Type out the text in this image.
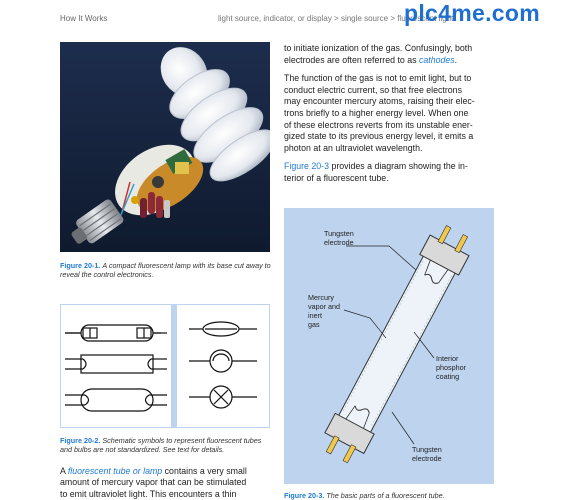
How It Works	light source, indicator, or display > single source > fluorescent light
plc4me.com
Figure 20-1. A compact fluorescent lamp with its base cut away to reveal the control electronics.
Figure 20-2. Schematic symbols to represent fluorescent tubes and bulbs are not standardized. See text for details.
A fluorescent tube or lamp contains a very small
amount of mercury vapor that can be stimulated
to emit ultraviolet light. This encounters a thin

to initiate ionization of the gas. Confusingly, both
electrodes are often referred to as cathodes.

The function of the gas is not to emit light, but to
conduct electric current, so that free electrons
may encounter mercury atoms, raising their elec-
trons briefly to a higher energy level. When one
of these electrons reverts from its unstable ener-
gized state to its previous energy level, it emits a
photon at an ultraviolet wavelength.

Figure 20-3 provides a diagram showing the in-
terior of a fluorescent tube.

Tungsten
electrode
Mercury
vapor and
inert
gas
Interior
phosphor
coating
Tungsten
electrode
Figure 20-3. The basic parts of a fluorescent tube.
